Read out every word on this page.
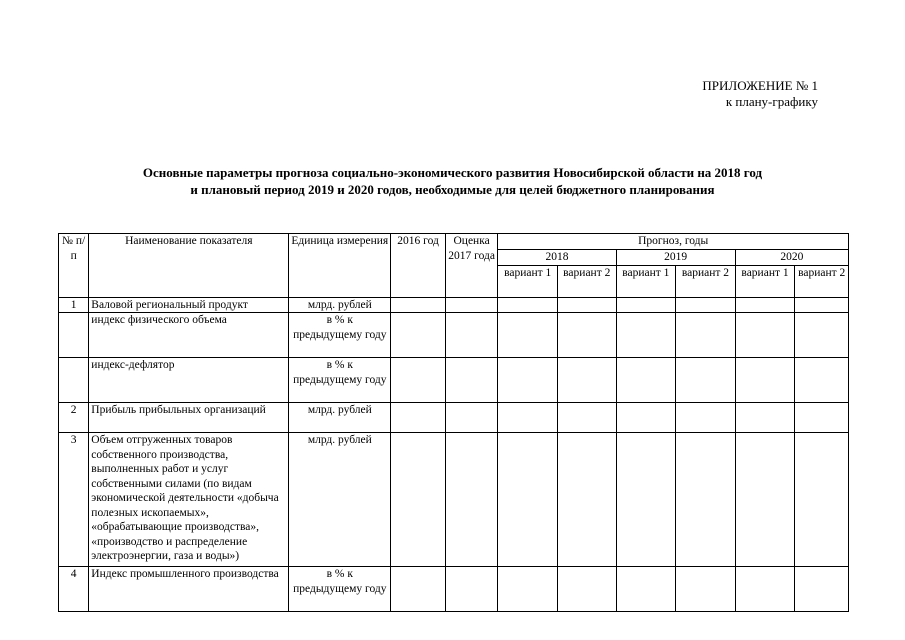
ПРИЛОЖЕНИЕ № 1
к плану-графику
Основные параметры прогноза социально-экономического развития Новосибирской области на 2018 год
и плановый период 2019 и 2020 годов, необходимые для целей бюджетного планирования
№ п/п	Наименование показателя	Единица измерения	2016 год	Оценка 2017 года	Прогноз, годы					
					2018		2019		2020	
					вариант 1	вариант 2	вариант 1	вариант 2	вариант 1	вариант 2
1	Валовой региональный продукт	млрд. рублей								
	индекс физического объема	в % к предыдущему году								
	индекс-дефлятор	в % к предыдущему году								
2	Прибыль прибыльных организаций	млрд. рублей								
3	Объем отгруженных товаров собственного производства, выполненных работ и услуг собственными силами (по видам экономической деятельности «добыча полезных ископаемых», «обрабатывающие производства», «производство и распределение электроэнергии, газа и воды»)	млрд. рублей								
4	Индекс промышленного производства	в % к предыдущему году								
